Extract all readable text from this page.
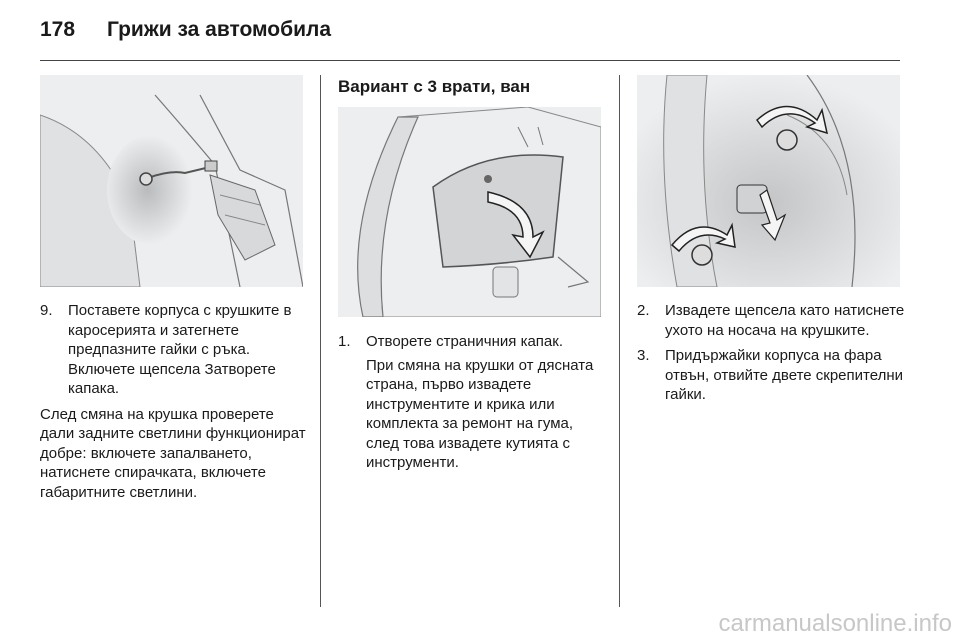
178 Грижи за автомобила
9. Поставете корпуса с крушките в каросерията и затегнете предпазните гайки с ръка. Включете щепсела Затворете капака.
След смяна на крушка проверете дали задните светлини функционират добре: включете запалването, натиснете спирачката, включете габаритните светлини.
Вариант с 3 врати, ван
1. Отворете страничния капак.
При смяна на крушки от дясната страна, първо извадете инструментите и крика или комплекта за ремонт на гума, след това извадете кутията с инструменти.
2. Извадете щепсела като натиснете ухото на носача на крушките.
3. Придържайки корпуса на фара отвън, отвийте двете скрепителни гайки.
carmanualsonline.info
